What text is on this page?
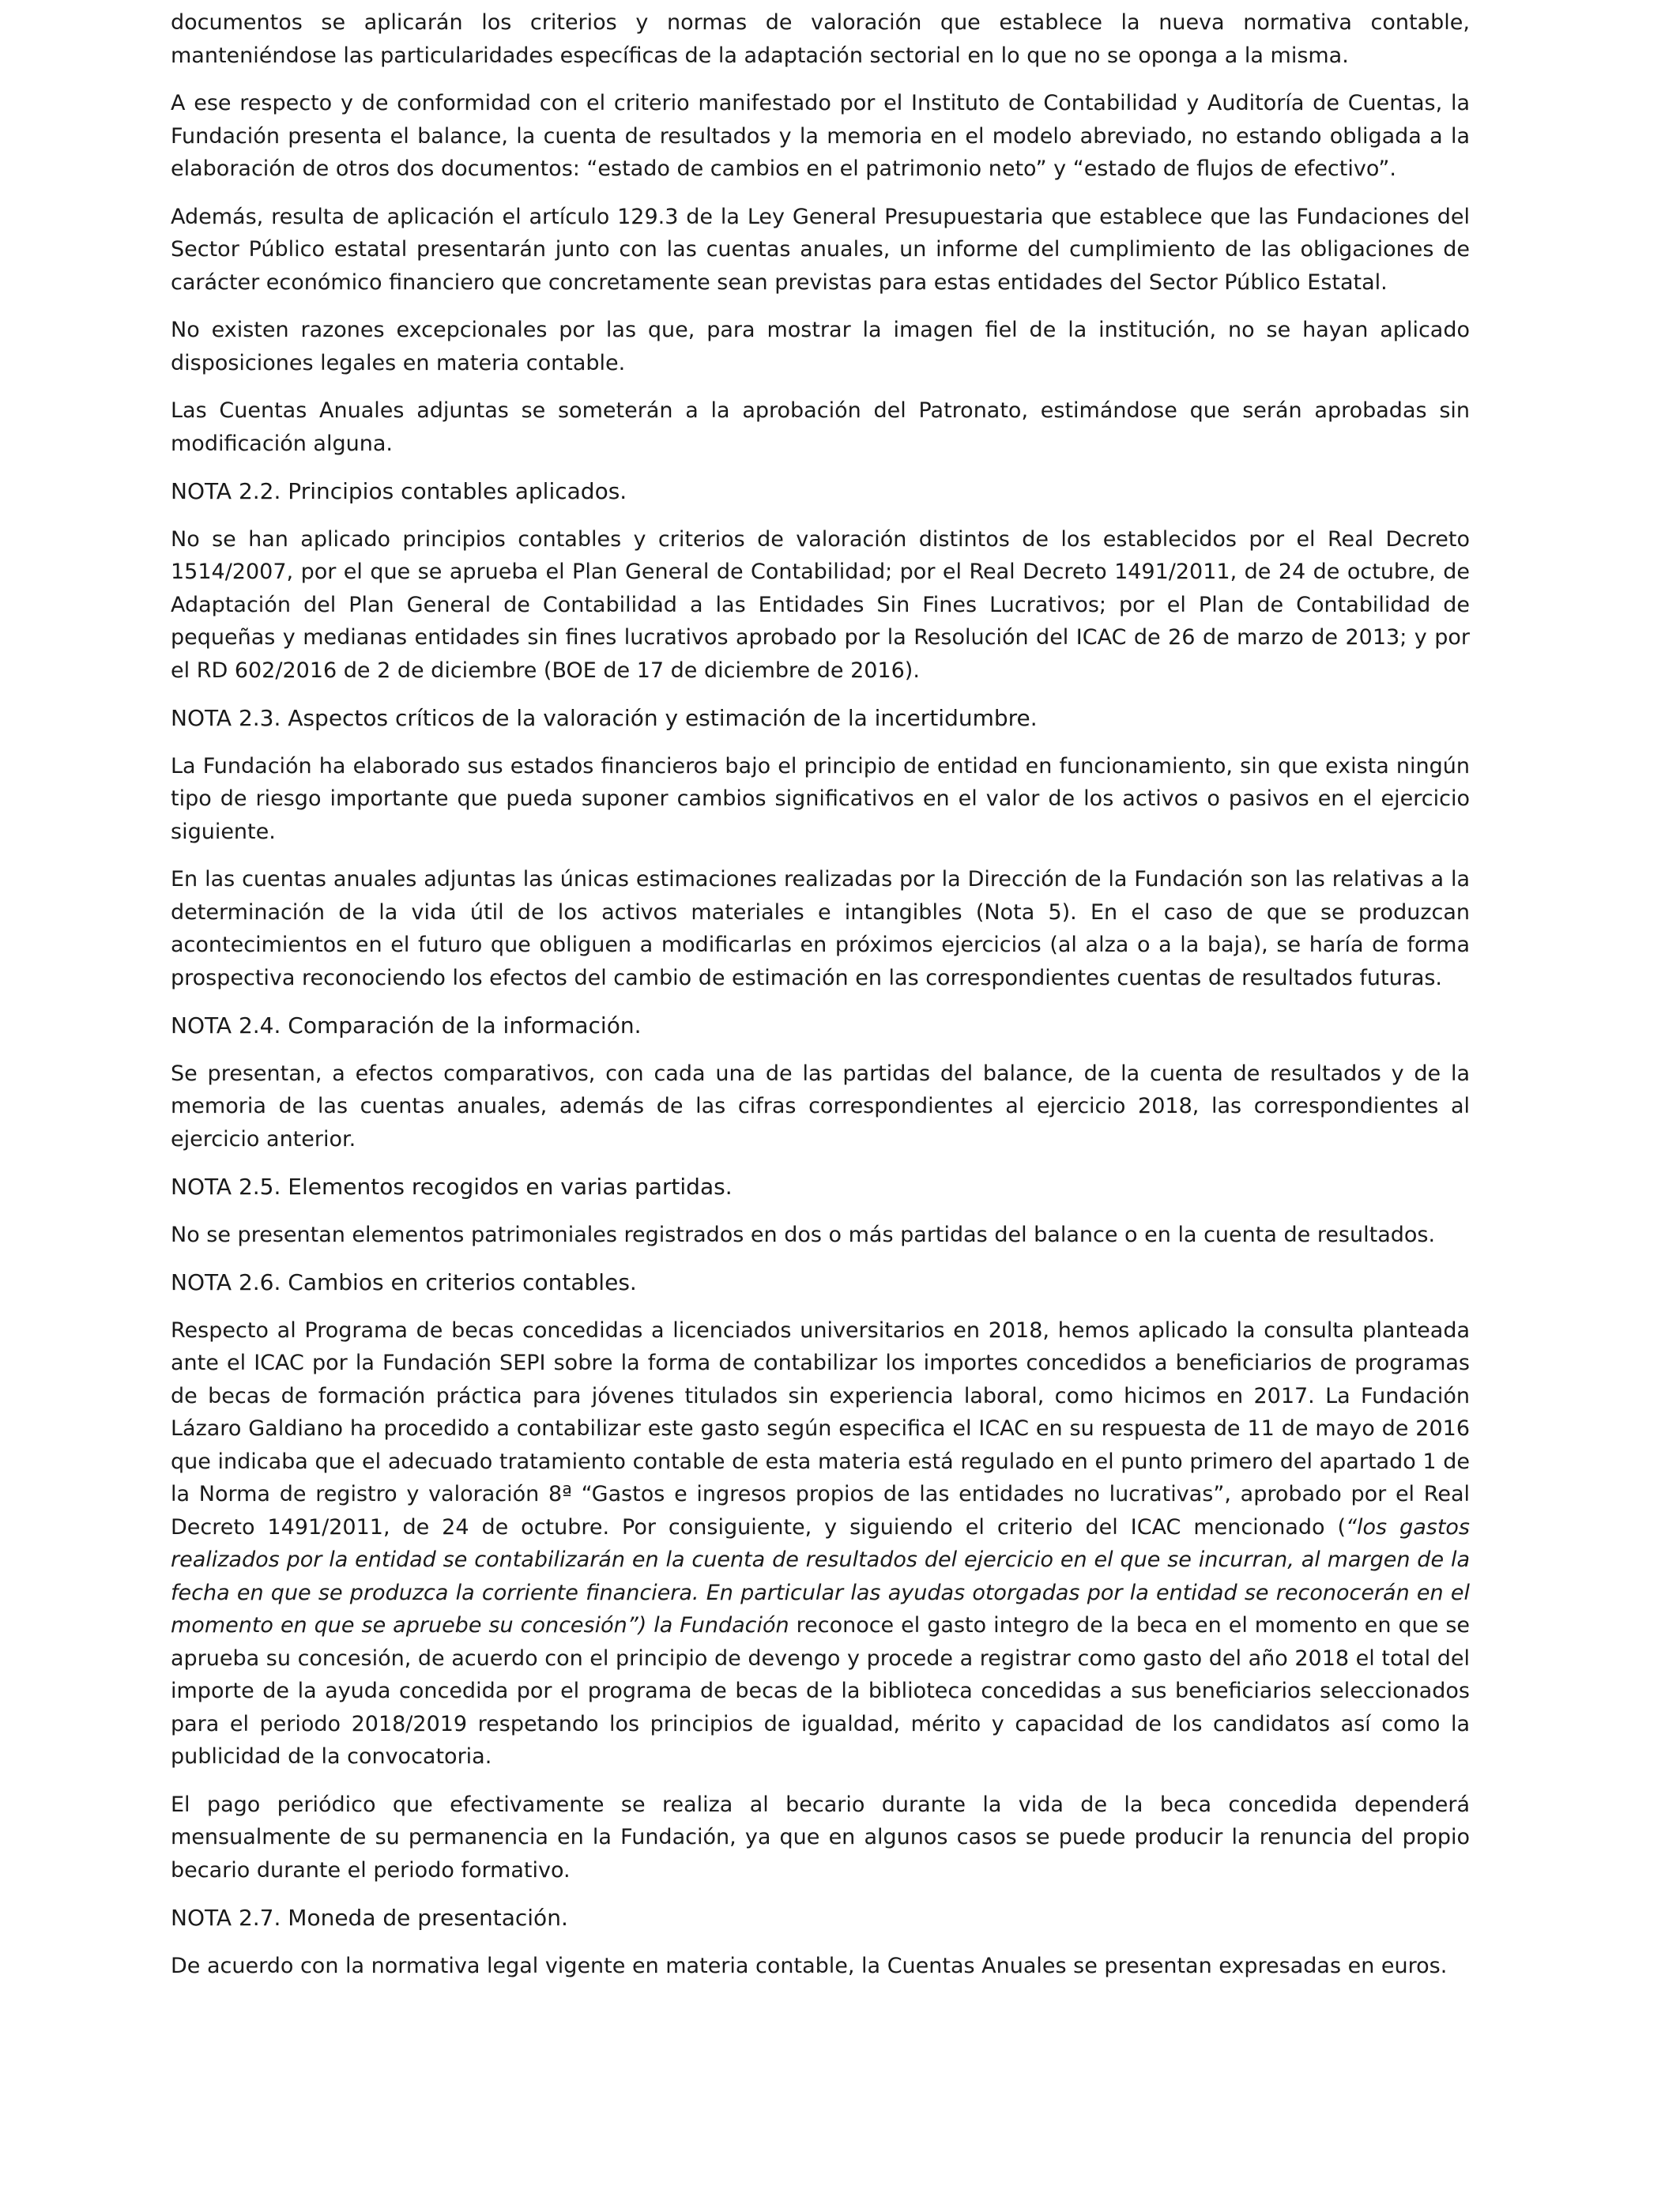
documentos se aplicarán los criterios y normas de valoración que establece la nueva normativa contable, manteniéndose las particularidades específicas de la adaptación sectorial en lo que no se oponga a la misma.

A ese respecto y de conformidad con el criterio manifestado por el Instituto de Contabilidad y Auditoría de Cuentas, la Fundación presenta el balance, la cuenta de resultados y la memoria en el modelo abreviado, no estando obligada a la elaboración de otros dos documentos: “estado de cambios en el patrimonio neto” y “estado de flujos de efectivo”.

Además, resulta de aplicación el artículo 129.3 de la Ley General Presupuestaria que establece que las Fundaciones del Sector Público estatal presentarán junto con las cuentas anuales, un informe del cumplimiento de las obligaciones de carácter económico financiero que concretamente sean previstas para estas entidades del Sector Público Estatal.

No existen razones excepcionales por las que, para mostrar la imagen fiel de la institución, no se hayan aplicado disposiciones legales en materia contable.

Las Cuentas Anuales adjuntas se someterán a la aprobación del Patronato, estimándose que serán aprobadas sin modificación alguna.

NOTA 2.2. Principios contables aplicados.

No se han aplicado principios contables y criterios de valoración distintos de los establecidos por el Real Decreto 1514/2007, por el que se aprueba el Plan General de Contabilidad; por el Real Decreto 1491/2011, de 24 de octubre, de Adaptación del Plan General de Contabilidad a las Entidades Sin Fines Lucrativos; por el Plan de Contabilidad de pequeñas y medianas entidades sin fines lucrativos aprobado por la Resolución del ICAC de 26 de marzo de 2013; y por el RD 602/2016 de 2 de diciembre (BOE de 17 de diciembre de 2016).

NOTA 2.3. Aspectos críticos de la valoración y estimación de la incertidumbre.

La Fundación ha elaborado sus estados financieros bajo el principio de entidad en funcionamiento, sin que exista ningún tipo de riesgo importante que pueda suponer cambios significativos en el valor de los activos o pasivos en el ejercicio siguiente.

En las cuentas anuales adjuntas las únicas estimaciones realizadas por la Dirección de la Fundación son las relativas a la determinación de la vida útil de los activos materiales e intangibles (Nota 5). En el caso de que se produzcan acontecimientos en el futuro que obliguen a modificarlas en próximos ejercicios (al alza o a la baja), se haría de forma prospectiva reconociendo los efectos del cambio de estimación en las correspondientes cuentas de resultados futuras.

NOTA 2.4. Comparación de la información.

Se presentan, a efectos comparativos, con cada una de las partidas del balance, de la cuenta de resultados y de la memoria de las cuentas anuales, además de las cifras correspondientes al ejercicio 2018, las correspondientes al ejercicio anterior.

NOTA 2.5. Elementos recogidos en varias partidas.

No se presentan elementos patrimoniales registrados en dos o más partidas del balance o en la cuenta de resultados.

NOTA 2.6. Cambios en criterios contables.

Respecto al Programa de becas concedidas a licenciados universitarios en 2018, hemos aplicado la consulta planteada ante el ICAC por la Fundación SEPI sobre la forma de contabilizar los importes concedidos a beneficiarios de programas de becas de formación práctica para jóvenes titulados sin experiencia laboral, como hicimos en 2017. La Fundación Lázaro Galdiano ha procedido a contabilizar este gasto según especifica el ICAC en su respuesta de 11 de mayo de 2016 que indicaba que el adecuado tratamiento contable de esta materia está regulado en el punto primero del apartado 1 de la Norma de registro y valoración 8ª “Gastos e ingresos propios de las entidades no lucrativas”, aprobado por el Real Decreto 1491/2011, de 24 de octubre. Por consiguiente, y siguiendo el criterio del ICAC mencionado (“los gastos realizados por la entidad se contabilizarán en la cuenta de resultados del ejercicio en el que se incurran, al margen de la fecha en que se produzca la corriente financiera. En particular las ayudas otorgadas por la entidad se reconocerán en el momento en que se apruebe su concesión”) la Fundación reconoce el gasto integro de la beca en el momento en que se aprueba su concesión, de acuerdo con el principio de devengo y procede a registrar como gasto del año 2018 el total del importe de la ayuda concedida por el programa de becas de la biblioteca concedidas a sus beneficiarios seleccionados para el periodo 2018/2019 respetando los principios de igualdad, mérito y capacidad de los candidatos así como la publicidad de la convocatoria.

El pago periódico que efectivamente se realiza al becario durante la vida de la beca concedida dependerá mensualmente de su permanencia en la Fundación, ya que en algunos casos se puede producir la renuncia del propio becario durante el periodo formativo.

NOTA 2.7. Moneda de presentación.

De acuerdo con la normativa legal vigente en materia contable, la Cuentas Anuales se presentan expresadas en euros.
